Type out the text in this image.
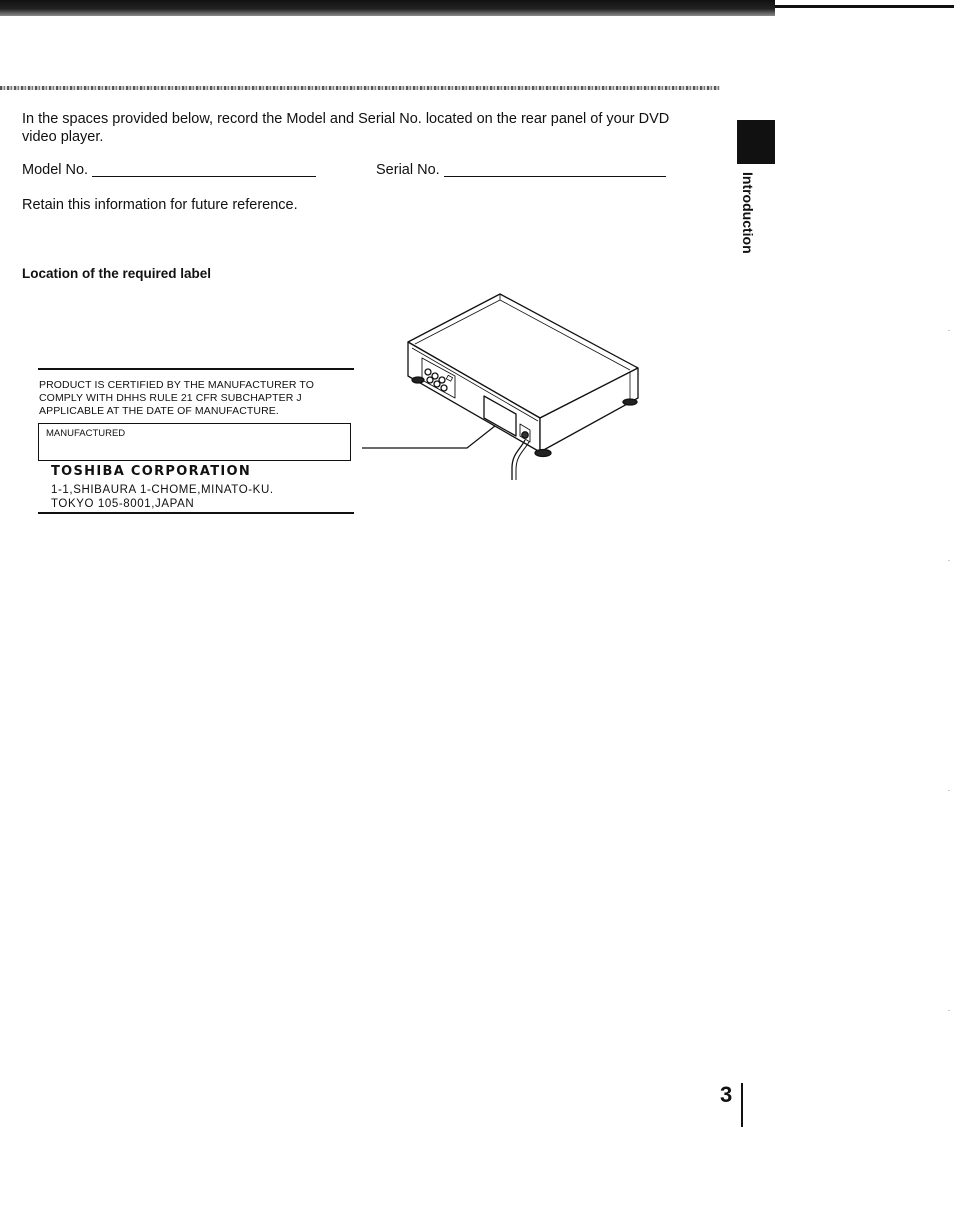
In the spaces provided below, record the Model and Serial No. located on the rear panel of your DVD video player.

Model No.	Serial No.

Retain this information for future reference.

Location of the required label

Introduction
PRODUCT IS CERTIFIED BY THE MANUFACTURER TO
COMPLY WITH DHHS RULE 21 CFR SUBCHAPTER J
APPLICABLE AT THE DATE OF MANUFACTURE.
MANUFACTURED
TOSHIBA CORPORATION
1-1,SHIBAURA 1-CHOME,MINATO-KU.
TOKYO 105-8001,JAPAN
3
